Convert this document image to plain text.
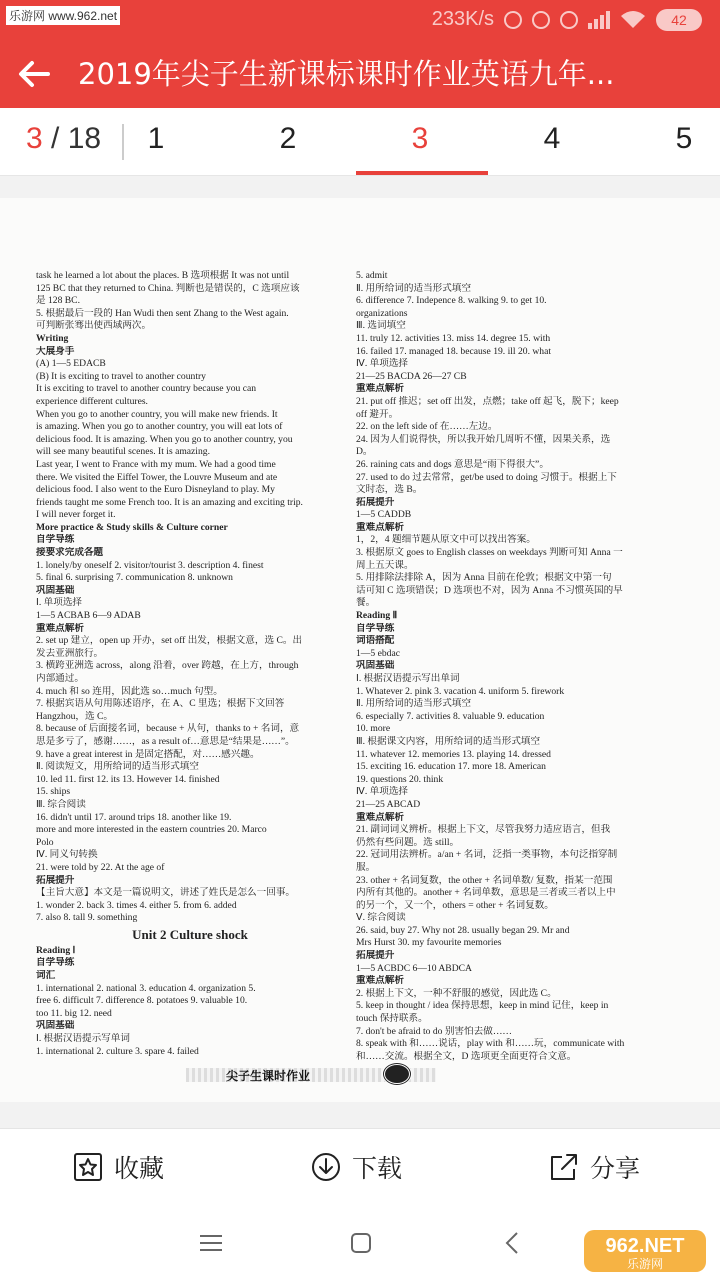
乐游网 www.962.net	233K/s	42
2019年尖子生新课标课时作业英语九年...
3 / 18	1	2	3	4	5
task he learned a lot about the places. B 选项根据 It was not until
125 BC that they returned to China. 判断也是错误的，C 选项应该
是 128 BC.
5. 根据最后一段的 Han Wudi then sent Zhang to the West again.
可判断张骞出使西域两次。
Writing
大展身手
(A) 1—5 EDACB
(B) It is exciting to travel to another country
It is exciting to travel to another country because you can
experience different cultures.
When you go to another country, you will make new friends. It
is amazing. When you go to another country, you will eat lots of
delicious food. It is amazing. When you go to another country, you
will see many beautiful scenes. It is amazing.
Last year, I went to France with my mum. We had a good time
there. We visited the Eiffel Tower, the Louvre Museum and ate
delicious food. I also went to the Euro Disneyland to play. My
friends taught me some French too. It is an amazing and exciting trip.
I will never forget it.
More practice & Study skills & Culture corner
自学导练
接要求完成各题
1. lonely/by oneself 2. visitor/tourist 3. description 4. finest
5. final 6. surprising 7. communication 8. unknown
巩固基础
Ⅰ. 单项选择
1—5 ACBAB 6—9 ADAB
重难点解析
2. set up 建立，open up 开办，set off 出发，根据文意，选 C。出
发去亚洲旅行。
3. 横跨亚洲选 across，along 沿着，over 跨越，在上方，through
内部通过。
4. much 和 so 连用，因此选 so…much 句型。
7. 根据宾语从句用陈述语序，在 A、C 里选；根据下文回答
Hangzhou，选 C。
8. because of 后面接名词，because + 从句，thanks to + 名词，意
思是多亏了，感谢……，as a result of…意思是“结果是……”。
9. have a great interest in 是固定搭配，对……感兴趣。
Ⅱ. 阅读短文，用所给词的适当形式填空
10. led 11. first 12. its 13. However 14. finished
15. ships
Ⅲ. 综合阅读
16. didn't until 17. around trips 18. another like 19.
more and more interested in the eastern countries 20. Marco
Polo
Ⅳ. 同义句转换
21. were told by 22. At the age of
拓展提升
【主旨大意】本文是一篇说明文，讲述了姓氏是怎么一回事。
1. wonder 2. back 3. times 4. either 5. from 6. added
7. also 8. tall 9. something
Unit 2 Culture shock
Reading Ⅰ
自学导练
词汇
1. international 2. national 3. education 4. organization 5.
free 6. difficult 7. difference 8. potatoes 9. valuable 10.
too 11. big 12. need
巩固基础
Ⅰ. 根据汉语提示写单词
1. international 2. culture 3. spare 4. failed
5. admit
Ⅱ. 用所给词的适当形式填空
6. difference 7. Indepence 8. walking 9. to get 10.
organizations
Ⅲ. 选词填空
11. truly 12. activities 13. miss 14. degree 15. with
16. failed 17. managed 18. because 19. ill 20. what
Ⅳ. 单项选择
21—25 BACDA 26—27 CB
重难点解析
21. put off 推迟；set off 出发，点燃；take off 起飞，脱下；keep
off 避开。
22. on the left side of 在……左边。
24. 因为人们说得快，所以我开始几周听不懂，因果关系，选
D。
26. raining cats and dogs 意思是“雨下得很大”。
27. used to do 过去常常，get/be used to doing 习惯于。根据上下
文时态，选 B。
拓展提升
1—5 CADDB
重难点解析
1，2，4 题细节题从原文中可以找出答案。
3. 根据原文 goes to English classes on weekdays 判断可知 Anna 一
周上五天课。
5. 用排除法排除 A，因为 Anna 目前在伦敦；根据文中第一句
话可知 C 选项错误；D 选项也不对，因为 Anna 不习惯英国的早
餐。
Reading Ⅱ
自学导练
词语搭配
1—5 ebdac
巩固基础
Ⅰ. 根据汉语提示写出单词
1. Whatever 2. pink 3. vacation 4. uniform 5. firework
Ⅱ. 用所给词的适当形式填空
6. especially 7. activities 8. valuable 9. education
10. more
Ⅲ. 根据课文内容，用所给词的适当形式填空
11. whatever 12. memories 13. playing 14. dressed
15. exciting 16. education 17. more 18. American
19. questions 20. think
Ⅳ. 单项选择
21—25 ABCAD
重难点解析
21. 副词词义辨析。根据上下文，尽管我努力适应语言，但我
仍然有些问题。选 still。
22. 冠词用法辨析。a/an + 名词，泛指一类事物，本句泛指穿制
服。
23. other + 名词复数，the other + 名词单数/ 复数，指某一范围
内所有其他的。another + 名词单数，意思是三者或三者以上中
的另一个，又一个，others = other + 名词复数。
Ⅴ. 综合阅读
26. said, buy 27. Why not 28. usually began 29. Mr and
Mrs Hurst 30. my favourite memories
拓展提升
1—5 ACBDC 6—10 ABDCA
重难点解析
2. 根据上下文，一种不舒服的感觉，因此选 C。
5. keep in thought / idea 保持思想，keep in mind 记住，keep in
touch 保持联系。
7. don't be afraid to do 别害怕去做……
8. speak with 和……说话，play with 和……玩，communicate with
和……交流。根据全文，D 选项更全面更符合文意。
尖子生课时作业
收藏	下载	分享
962.NET
乐游网
